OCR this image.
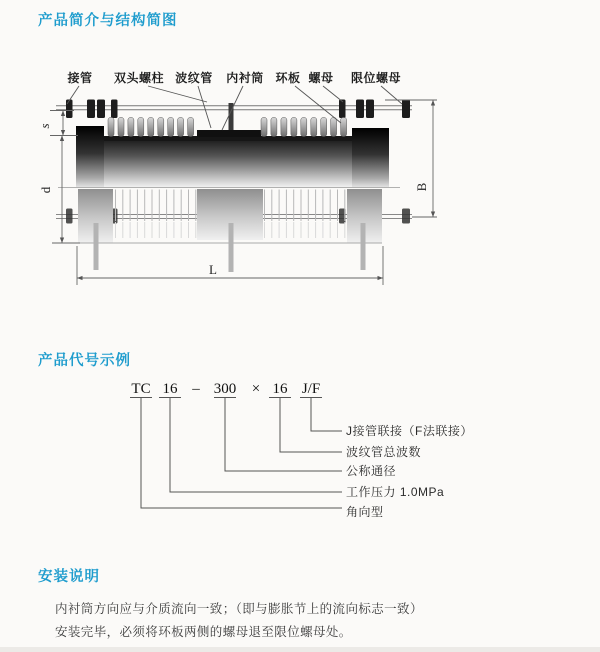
产品简介与结构简图
产品代号示例
安装说明
内衬筒方向应与介质流向一致；（即与膨胀节上的流向标志一致）
安装完毕，必须将环板两侧的螺母退至限位螺母处。
接管 双头螺柱 波纹管 内衬筒 环板 螺母 限位螺母
s
d	B
L
TC 16 – 300 × 16 J/F
J接管联接（F法联接）
波纹管总波数
公称通径
工作压力 1.0MPa
角向型
